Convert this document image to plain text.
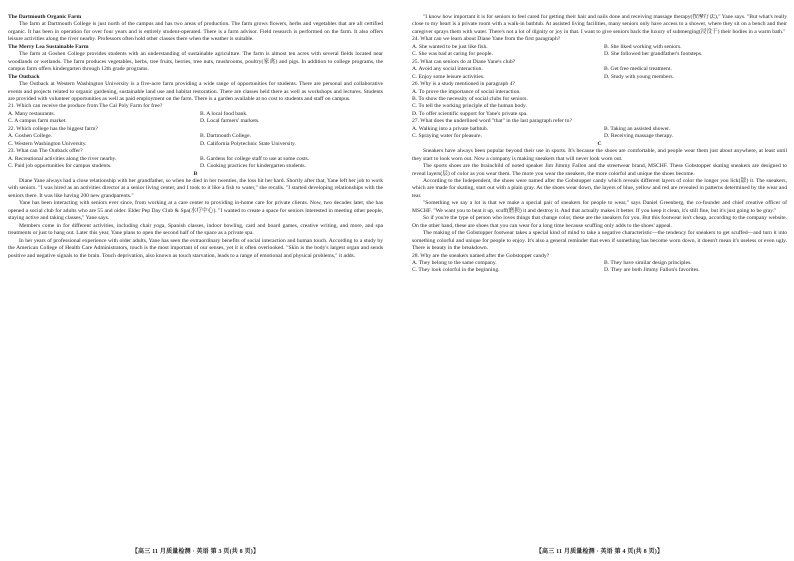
The Dartmouth Organic Farm

The farm at Dartmouth College is just north of the campus and has two areas of production. The farm grows flowers, herbs and vegetables that are all certified organic. It has been in operation for over four years and is entirely student-operated. There is a farm advisor. Field research is performed on the farm. It also offers leisure activities along the river nearby. Professors often hold other classes there when the weather is suitable.

The Merry Lea Sustainable Farm

The farm at Goshen College provides students with an understanding of sustainable agriculture. The farm is almost ten acres with several fields located near woodlands or wetlands. The farm produces vegetables, herbs, tree fruits, berries, tree nuts, mushrooms, poultry(家禽) and pigs. In addition to college programs, the campus farm offers kindergarten through 12th grade programs.

The Outback

The Outback at Western Washington University is a five-acre farm providing a wide range of opportunities for students. There are personal and collaborative events and projects related to organic gardening, sustainable land use and habitat restoration. There are classes held there as well as workshops and lectures. Students are provided with volunteer opportunities as well as paid employment on the farm. There is a garden available at no cost to students and staff on campus.

21. Which can receive the produce from The Cal Poly Farm for free?

A. Many restaurants.	B. A local food bank.
C. A campus farm market.	D. Local farmers' markets.

22. Which college has the biggest farm?

A. Goshen College.	B. Dartmouth College.
C. Western Washington University.	D. California Polytechnic State University.

23. What can The Outback offer?

A. Recreational activities along the river nearby.	B. Gardens for college staff to use at some costs.
C. Paid job opportunities for campus students.	D. Cooking practices for kindergarten students.

B

Diane Yane always had a close relationship with her grandfather, so when he died in her twenties, the loss hit her hard. Shortly after that, Yane left her job to work with seniors. "I was hired as an activities director at a senior living center, and I took to it like a fish to water," she recalls. "I started developing relationships with the seniors there. It was like having 200 new grandparents."

Yane has been interacting with seniors ever since, from working at a care center to providing in-home care for private clients. Now, two decades later, she has opened a social club for adults who are 55 and older. Elder Pep Day Club & Spa(水疗中心). "I wanted to create a space for seniors interested in meeting other people, staying active and taking classes," Yane says.

Members come in for different activities, including chair yoga, Spanish classes, indoor bowling, card and board games, creative writing, and more, and spa treatments or just to hang out. Later this year, Yane plans to open the second half of the space as a private spa.

In her years of professional experience with older adults, Yane has seen the extraordinary benefits of social interaction and human touch. According to a study by the American College of Health Care Administrators, touch is the most important of our senses, yet it is often overlooked. "Skin is the body's largest organ and sends positive and negative signals to the brain. Touch deprivation, also known as touch starvation, leads to a range of emotional and physical problems," it adds.

"I know how important it is for seniors to feel cared for getting their hair and nails done and receiving massage therapy(按摩疗法)," Yane says. "But what's really close to my heart is a private room with a walk-in bathtub. At assisted living facilities, many seniors only have access to a shower, where they sit on a bench and their caregiver sprays them with water. There's not a lot of dignity or joy in that. I want to give seniors back the luxury of submerging(浸没于) their bodies in a warm bath."

24. What can we learn about Diane Yane from the first paragraph?

A. She wanted to be just like fish.	B. She liked working with seniors.
C. She was bad at caring for people.	D. She followed her grandfather's footsteps.

25. What can seniors do at Diane Yane's club?

A. Avoid any social interaction.	B. Get free medical treatment.
C. Enjoy some leisure activities.	D. Study with young members.

26. Why is a study mentioned in paragraph 4?

A. To prove the importance of social interaction.

B. To show the necessity of social clubs for seniors.

C. To tell the working principle of the human body.

D. To offer scientific support for Yane's private spa.

27. What does the underlined word "that" in the last paragraph refer to?

A. Walking into a private bathtub.	B. Taking an assisted shower.
C. Spraying water for pleasure.	D. Receiving massage therapy.

C

Sneakers have always been popular beyond their use in sports. It's because the shoes are comfortable, and people wear them just about anywhere, at least until they start to look worn out. Now a company is making sneakers that will never look worn out.

The sports shoes are the brainchild of noted speaker Jim Jimmy Fallon and the streetwear brand, MSCHF. These Gobstopper skating sneakers are designed to reveal layers(层) of color as you wear them. The more you wear the sneakers, the more colorful and unique the shoes become.

According to the Independent, the shoes were named after the Gobstopper candy which reveals different layers of color the longer you lick(舔) it. The sneakers, which are made for skating, start out with a plain gray. As the shoes wear down, the layers of blue, yellow and red are revealed in patterns determined by the wear and tear.

"Something we say a lot is that we make a special pair of sneakers for people to wear," says Daniel Greenberg, the co-founder and chief creative officer of MSCHF. "We want you to beat it up, scuff(磨损) it and destroy it. And that actually makes it better. If you keep it clean, it's still fine, but it's just going to be gray."

So if you're the type of person who loves things that change color, these are the sneakers for you. But this footwear isn't cheap, according to the company website. On the other hand, these are shoes that you can wear for a long time because scuffing only adds to the shoes' appeal.

The making of the Gobstopper footwear takes a special kind of mind to take a negative characteristic—the tendency for sneakers to get scuffed—and turn it into something colorful and unique for people to enjoy. It's also a general reminder that even if something has become worn down, it doesn't mean it's useless or even ugly. There is beauty in the breakdown.

28. Why are the sneakers named after the Gobstopper candy?

A. They belong to the same company.	B. They have similar design principles.
C. They look colorful in the beginning.	D. They are both Jimmy Fallon's favorites.
【高三 11 月质量检测 · 英语 第 3 页(共 8 页)】	【高三 11 月质量检测 · 英语 第 4 页(共 8 页)】
